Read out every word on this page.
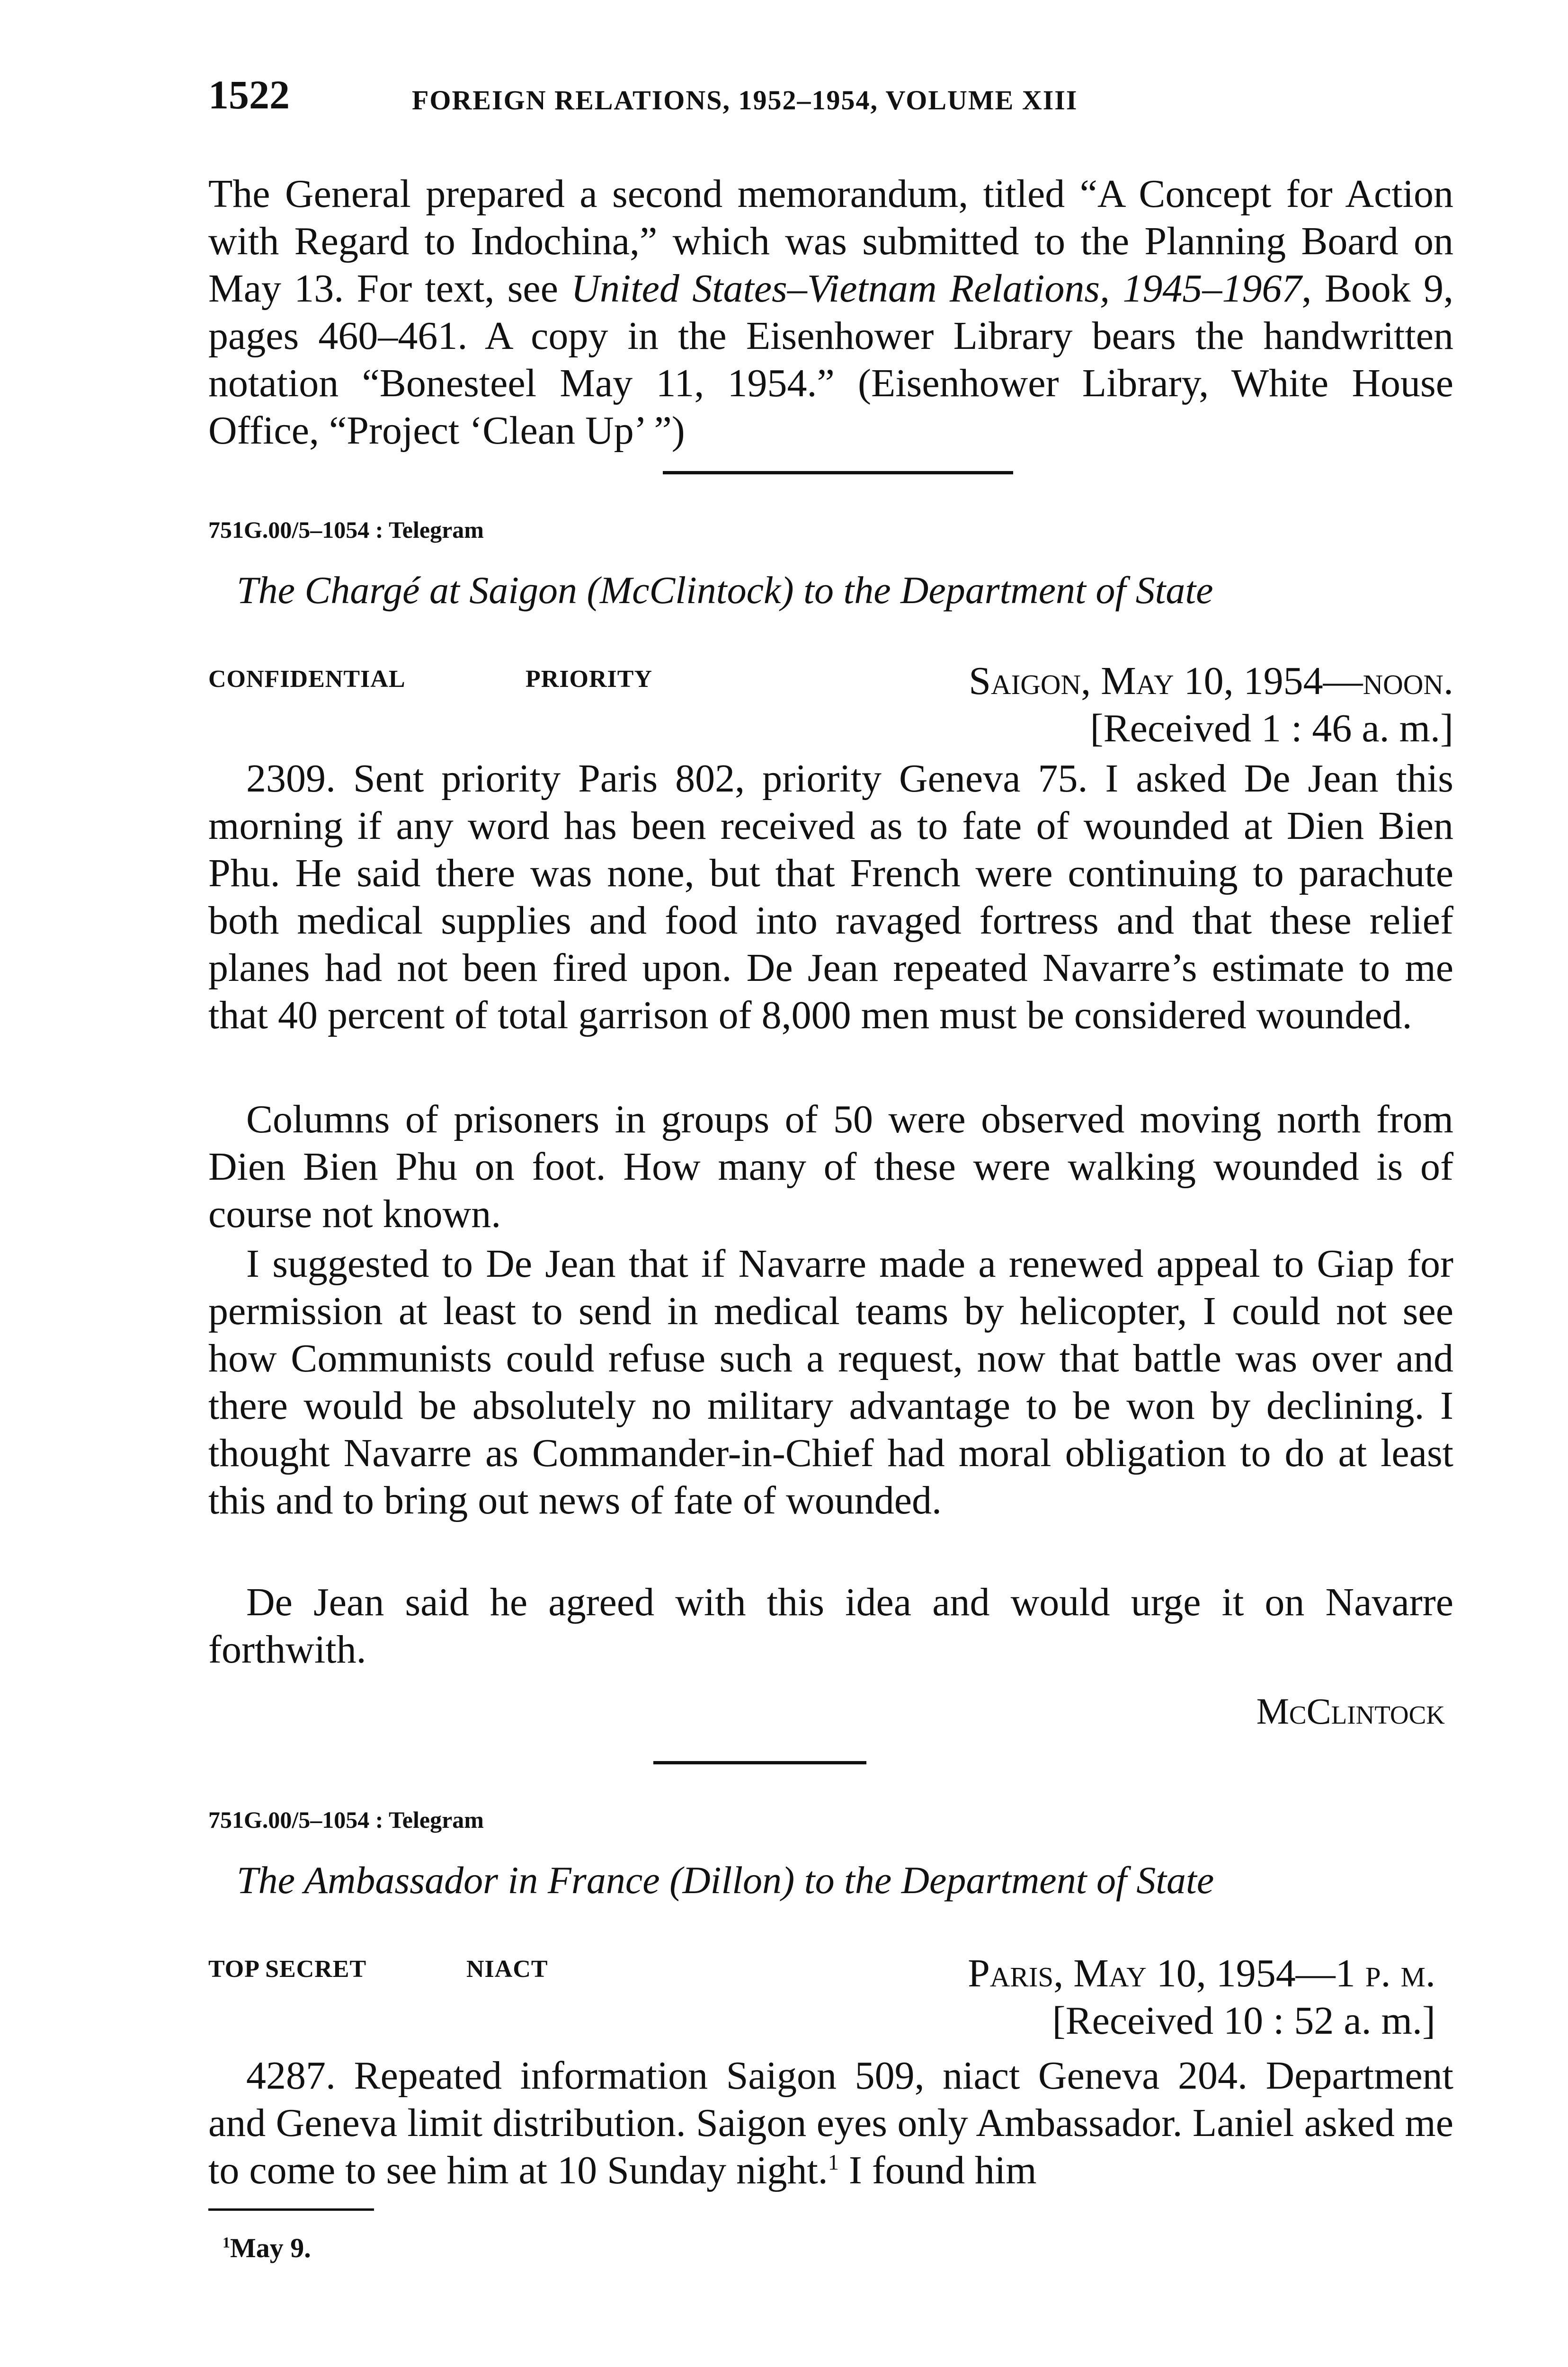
1522	FOREIGN RELATIONS, 1952–1954, VOLUME XIII

The General prepared a second memorandum, titled “A Concept for Action with Regard to Indochina,” which was submitted to the Planning Board on May 13. For text, see United States–Vietnam Relations, 1945–1967, Book 9, pages 460–461. A copy in the Eisenhower Library bears the handwritten notation “Bonesteel May 11, 1954.” (Eisenhower Library, White House Office, “Project ‘Clean Up’ ”)

751G.00/5–1054 : Telegram
The Chargé at Saigon (McClintock) to the Department of State
CONFIDENTIAL	PRIORITY	Saigon, May 10, 1954—noon.
[Received 1 : 46 a. m.]

2309. Sent priority Paris 802, priority Geneva 75. I asked De Jean this morning if any word has been received as to fate of wounded at Dien Bien Phu. He said there was none, but that French were continuing to parachute both medical supplies and food into ravaged fortress and that these relief planes had not been fired upon. De Jean repeated Navarre’s estimate to me that 40 percent of total garrison of 8,000 men must be considered wounded.

Columns of prisoners in groups of 50 were observed moving north from Dien Bien Phu on foot. How many of these were walking wounded is of course not known.

I suggested to De Jean that if Navarre made a renewed appeal to Giap for permission at least to send in medical teams by helicopter, I could not see how Communists could refuse such a request, now that battle was over and there would be absolutely no military advantage to be won by declining. I thought Navarre as Commander-in-Chief had moral obligation to do at least this and to bring out news of fate of wounded.

De Jean said he agreed with this idea and would urge it on Navarre forthwith.

McClintock
751G.00/5–1054 : Telegram
The Ambassador in France (Dillon) to the Department of State
TOP SECRET	NIACT	Paris, May 10, 1954—1 p. m.
[Received 10 : 52 a. m.]

4287. Repeated information Saigon 509, niact Geneva 204. Department and Geneva limit distribution. Saigon eyes only Ambassador. Laniel asked me to come to see him at 10 Sunday night.$^1$ I found him

$^1$May 9.
